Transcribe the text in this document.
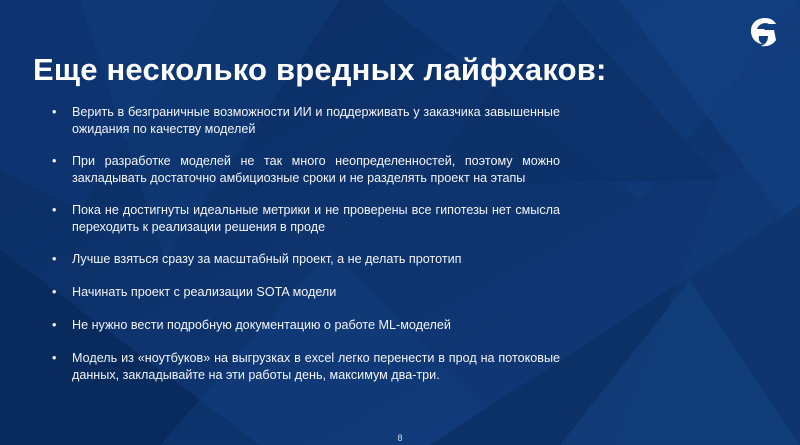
Еще несколько вредных лайфхаков:
• Верить в безграничные возможности ИИ и поддерживать у заказчика завышенные ожидания по качеству моделей
• При разработке моделей не так много неопределенностей, поэтому можно закладывать достаточно амбициозные сроки и не разделять проект на этапы
• Пока не достигнуты идеальные метрики и не проверены все гипотезы нет смысла переходить к реализации решения в проде
• Лучше взяться сразу за масштабный проект, а не делать прототип
• Начинать проект с реализации SOTA модели
• Не нужно вести подробную документацию о работе ML-моделей
• Модель из «ноутбуков» на выгрузках в excel легко перенести в прод на потоковые данных, закладывайте на эти работы день, максимум два-три.
8
